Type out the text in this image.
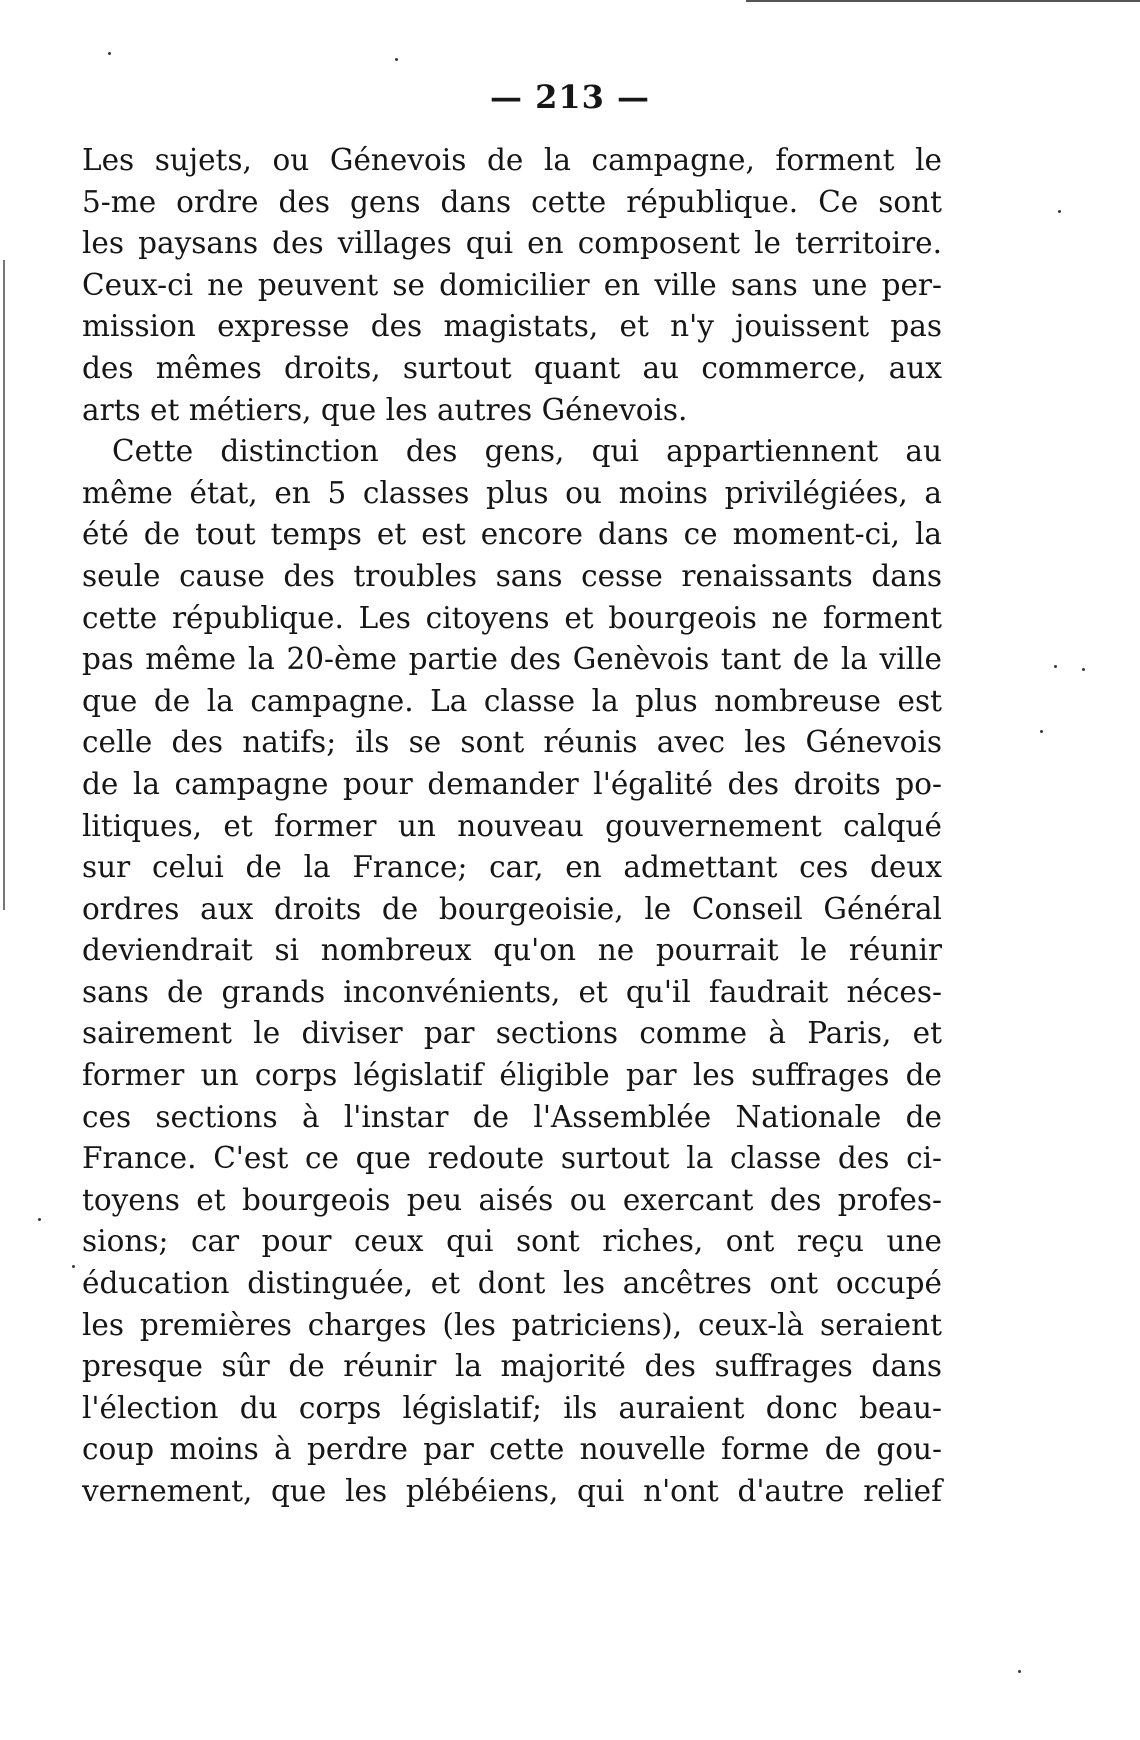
— 213 —
Les sujets, ou Génevois de la campagne, forment le
5-me ordre des gens dans cette république. Ce sont
les paysans des villages qui en composent le territoire.
Ceux-ci ne peuvent se domicilier en ville sans une per-
mission expresse des magistats, et n'y jouissent pas
des mêmes droits, surtout quant au commerce, aux
arts et métiers, que les autres Génevois.
Cette distinction des gens, qui appartiennent au
même état, en 5 classes plus ou moins privilégiées, a
été de tout temps et est encore dans ce moment-ci, la
seule cause des troubles sans cesse renaissants dans
cette république. Les citoyens et bourgeois ne forment
pas même la 20-ème partie des Genèvois tant de la ville
que de la campagne. La classe la plus nombreuse est
celle des natifs; ils se sont réunis avec les Génevois
de la campagne pour demander l'égalité des droits po-
litiques, et former un nouveau gouvernement calqué
sur celui de la France; car, en admettant ces deux
ordres aux droits de bourgeoisie, le Conseil Général
deviendrait si nombreux qu'on ne pourrait le réunir
sans de grands inconvénients, et qu'il faudrait néces-
sairement le diviser par sections comme à Paris, et
former un corps législatif éligible par les suffrages de
ces sections à l'instar de l'Assemblée Nationale de
France. C'est ce que redoute surtout la classe des ci-
toyens et bourgeois peu aisés ou exercant des profes-
sions; car pour ceux qui sont riches, ont reçu une
éducation distinguée, et dont les ancêtres ont occupé
les premières charges (les patriciens), ceux-là seraient
presque sûr de réunir la majorité des suffrages dans
l'élection du corps législatif; ils auraient donc beau-
coup moins à perdre par cette nouvelle forme de gou-
vernement, que les plébéiens, qui n'ont d'autre relief
